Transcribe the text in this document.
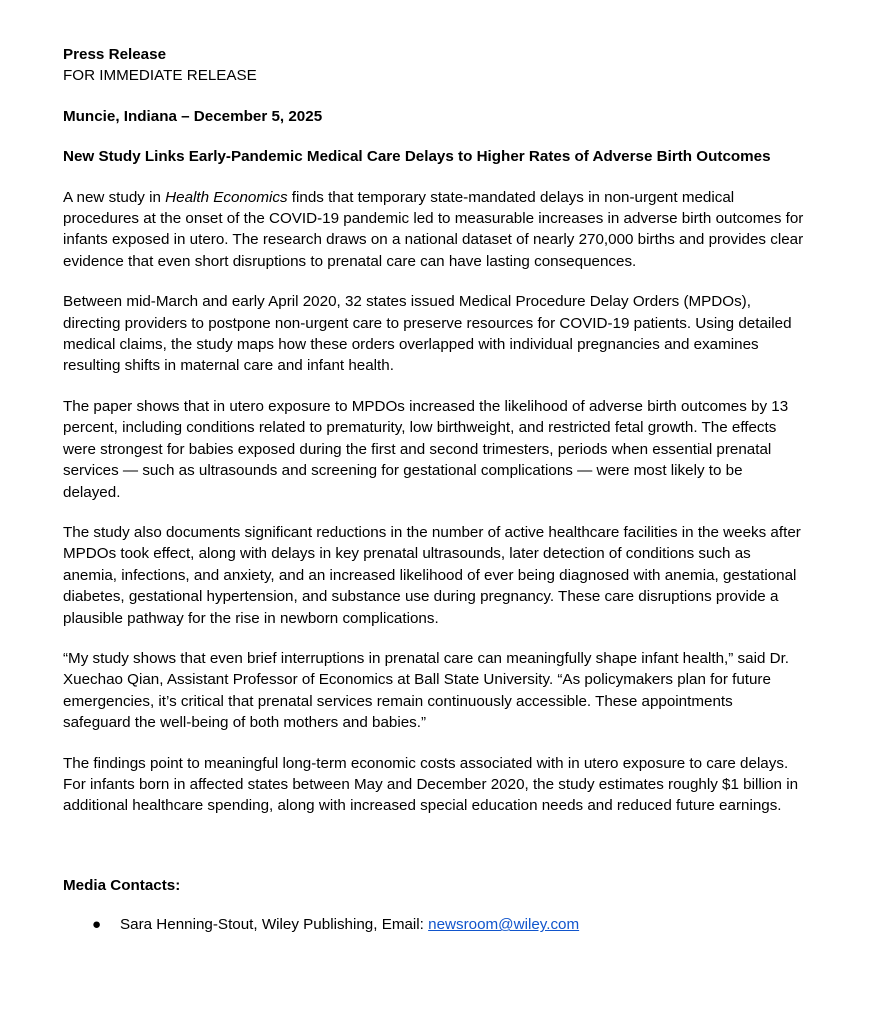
Press Release

FOR IMMEDIATE RELEASE

Muncie, Indiana – December 5, 2025

New Study Links Early-Pandemic Medical Care Delays to Higher Rates of Adverse Birth Outcomes

A new study in Health Economics finds that temporary state-mandated delays in non-urgent medical procedures at the onset of the COVID-19 pandemic led to measurable increases in adverse birth outcomes for infants exposed in utero. The research draws on a national dataset of nearly 270,000 births and provides clear evidence that even short disruptions to prenatal care can have lasting consequences.

Between mid-March and early April 2020, 32 states issued Medical Procedure Delay Orders (MPDOs), directing providers to postpone non-urgent care to preserve resources for COVID-19 patients. Using detailed medical claims, the study maps how these orders overlapped with individual pregnancies and examines resulting shifts in maternal care and infant health.

The paper shows that in utero exposure to MPDOs increased the likelihood of adverse birth outcomes by 13 percent, including conditions related to prematurity, low birthweight, and restricted fetal growth. The effects were strongest for babies exposed during the first and second trimesters, periods when essential prenatal services — such as ultrasounds and screening for gestational complications — were most likely to be delayed.

The study also documents significant reductions in the number of active healthcare facilities in the weeks after MPDOs took effect, along with delays in key prenatal ultrasounds, later detection of conditions such as anemia, infections, and anxiety, and an increased likelihood of ever being diagnosed with anemia, gestational diabetes, gestational hypertension, and substance use during pregnancy. These care disruptions provide a plausible pathway for the rise in newborn complications.

“My study shows that even brief interruptions in prenatal care can meaningfully shape infant health,” said Dr. Xuechao Qian, Assistant Professor of Economics at Ball State University. “As policymakers plan for future emergencies, it’s critical that prenatal services remain continuously accessible. These appointments safeguard the well-being of both mothers and babies.”

The findings point to meaningful long-term economic costs associated with in utero exposure to care delays. For infants born in affected states between May and December 2020, the study estimates roughly $1 billion in additional healthcare spending, along with increased special education needs and reduced future earnings.

Media Contacts:

● Sara Henning-Stout, Wiley Publishing, Email: newsroom@wiley.com
